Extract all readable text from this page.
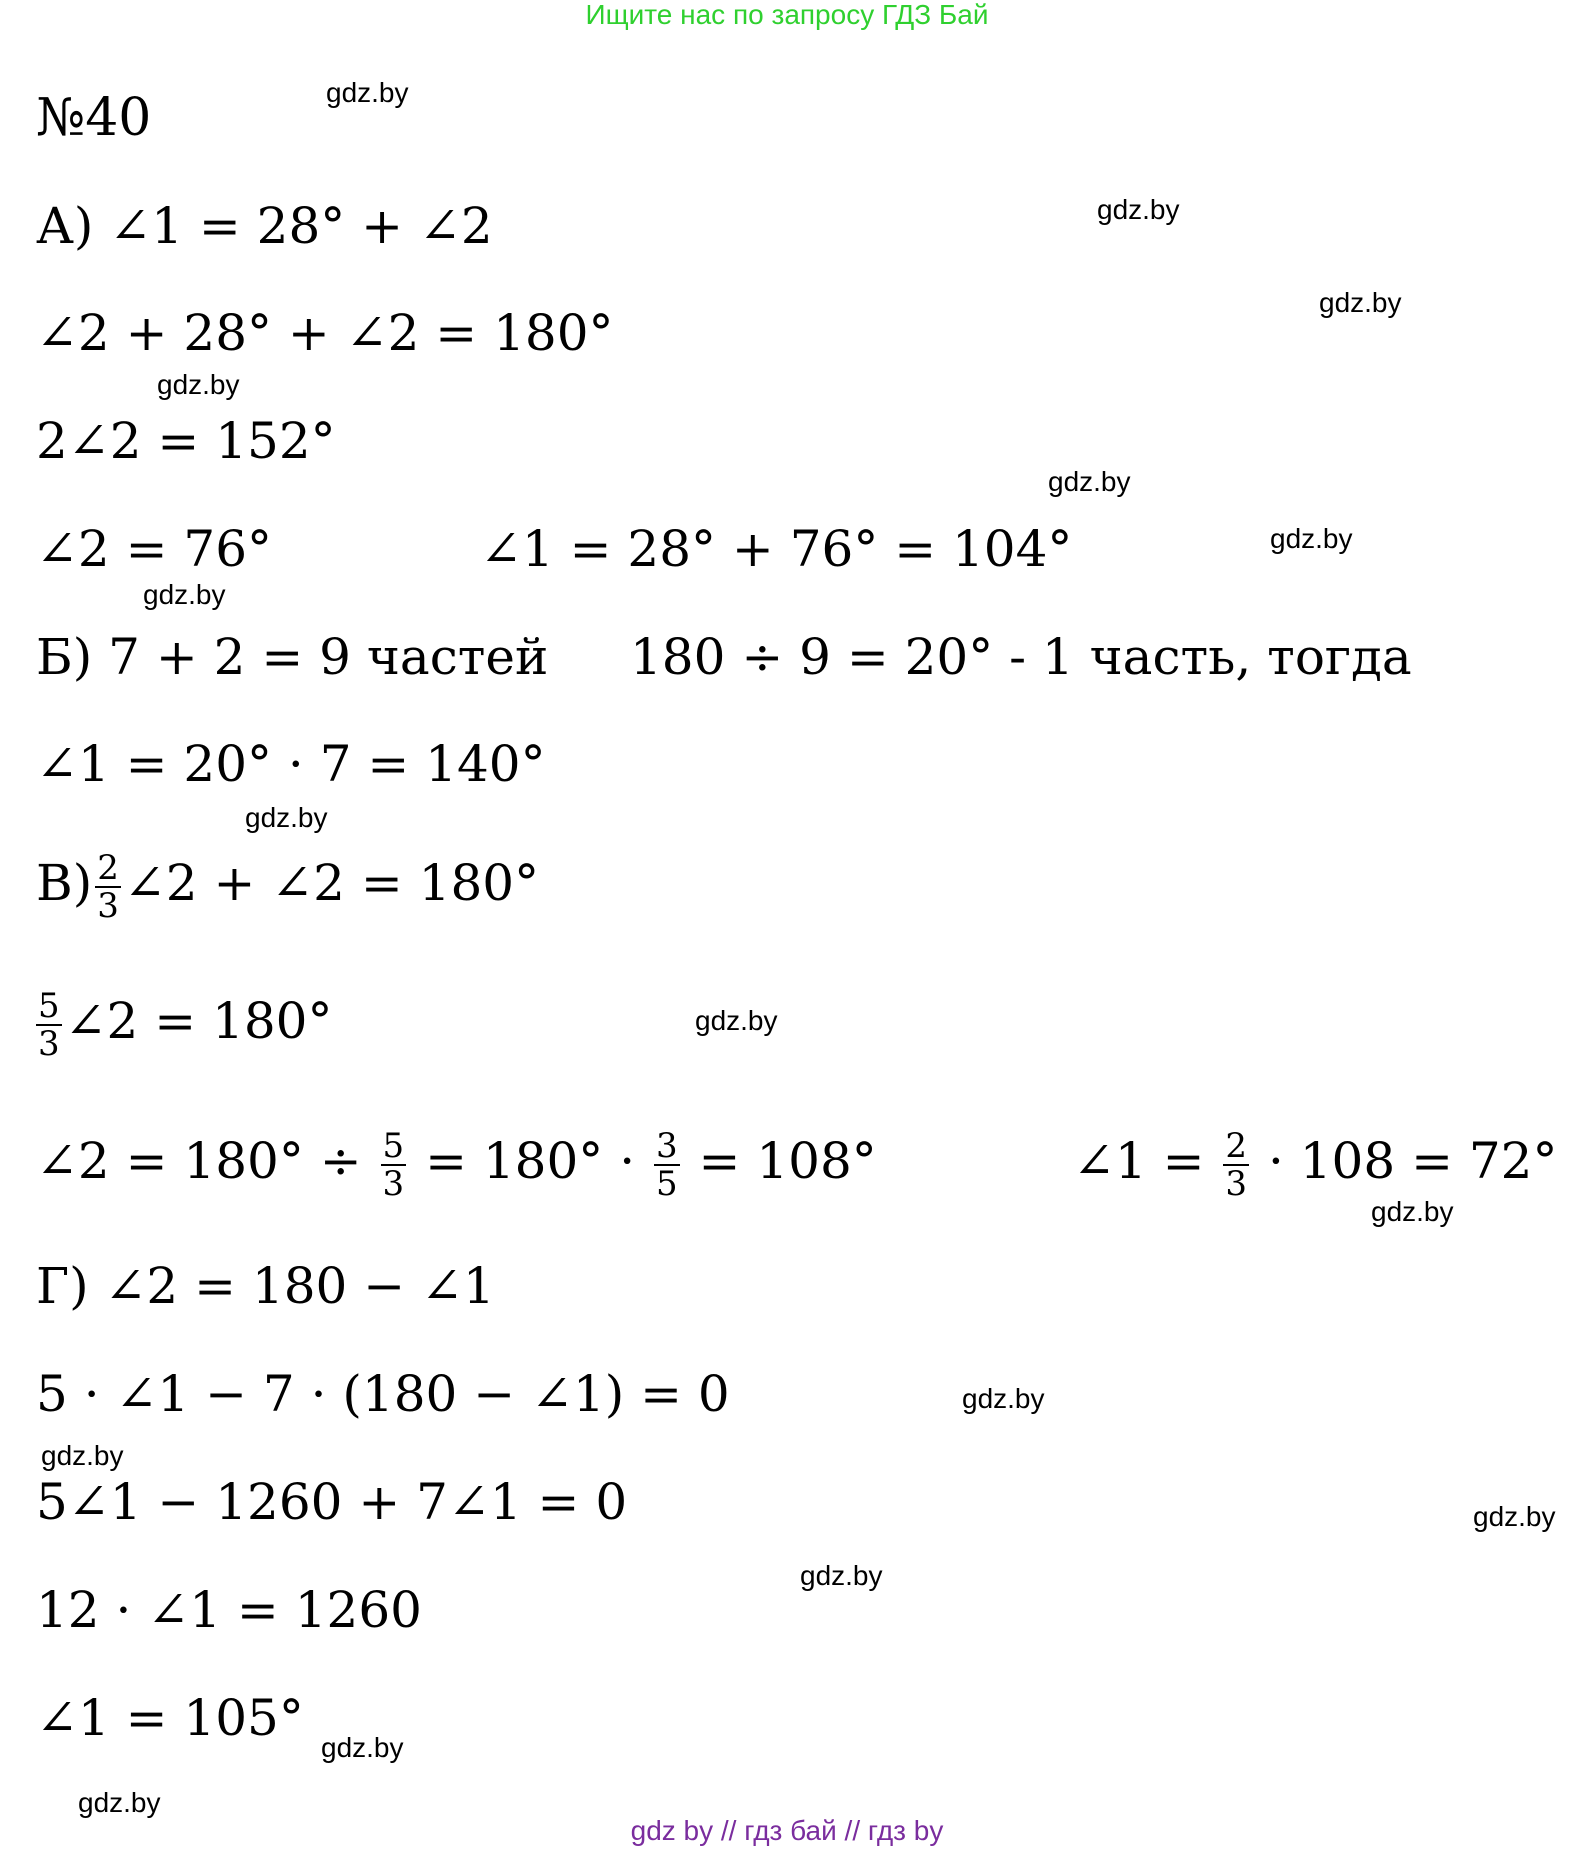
Ищите нас по запросу ГДЗ Бай
№40	gdz.by
gdz.by
gdz.by
gdz.by
gdz.by
gdz.by
gdz.by
gdz.by
gdz.by
gdz.by
gdz.by
gdz.by
gdz.by
gdz.by
gdz.by
gdz.by
А) ∠1 = 28° + ∠2
∠2 + 28° + ∠2 = 180°
2∠2 = 152°
∠2 = 76°	∠1 = 28° + 76° = 104°
Б) 7 + 2 = 9 частей 180 ÷ 9 = 20° - 1 часть, тогда
∠1 = 20° · 7 = 140°
$В) \frac{2}{3}$ ∠2 + ∠2 = 180°
$\frac{5}{3}$ ∠2 = 180°
∠2 = $180^\circ \div \frac{5}{3} = 180^\circ \cdot \frac{3}{5} = 108^\circ$	∠1 = $\frac{2}{3} \cdot 108 = 72^\circ$
Г) ∠2 = 180 − ∠1
5 · ∠1 − 7 · (180 − ∠1) = 0
5∠1 − 1260 + 7∠1 = 0
12 · ∠1 = 1260
∠1 = 105°
gdz by // гдз бай // гдз by
